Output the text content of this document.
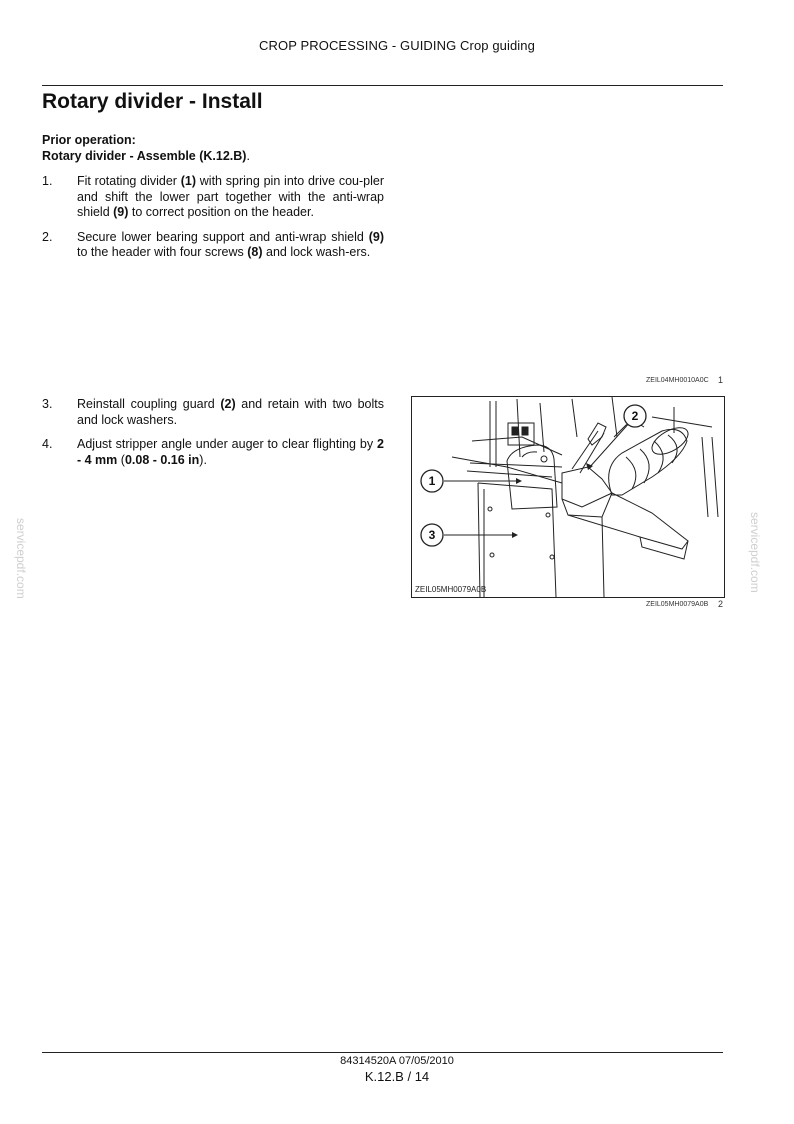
CROP PROCESSING - GUIDING Crop guiding
Rotary divider - Install
Prior operation:
Rotary divider - Assemble (K.12.B).
1. Fit rotating divider (1) with spring pin into drive cou-pler and shift the lower part together with the anti-wrap shield (9) to correct position on the header.
2. Secure lower bearing support and anti-wrap shield (9) to the header with four screws (8) and lock wash-ers.
ZEIL04MH0010A0C 1
3. Reinstall coupling guard (2) and retain with two bolts and lock washers.
4. Adjust stripper angle under auger to clear flighting by 2 - 4 mm (0.08 - 0.16 in).
1
2
3
ZEIL05MH0079A0B
ZEIL05MH0079A0B 2
servicepdf.com	servicepdf.com
84314520A 07/05/2010
K.12.B / 14
